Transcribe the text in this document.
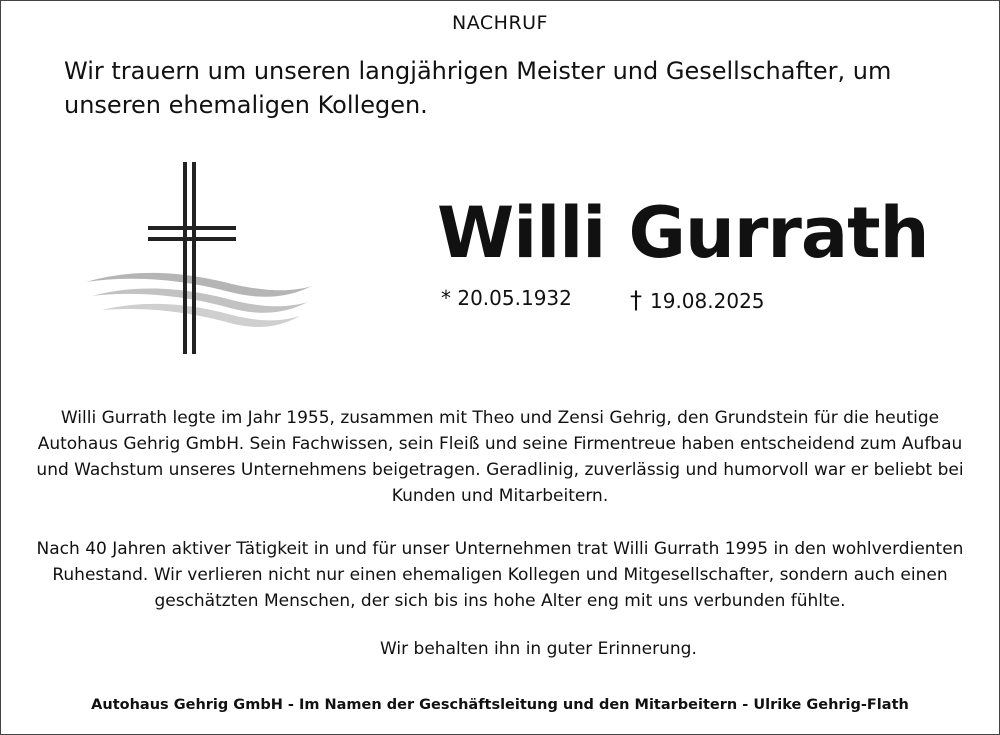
NACHRUF
Wir trauern um unseren langjährigen Meister und Gesellschafter, um unseren ehemaligen Kollegen.
Willi Gurrath
* 20.05.1932 † 19.08.2025
Willi Gurrath legte im Jahr 1955, zusammen mit Theo und Zensi Gehrig, den Grundstein für die heutige Autohaus Gehrig GmbH. Sein Fachwissen, sein Fleiß und seine Firmentreue haben entscheidend zum Aufbau und Wachstum unseres Unternehmens beigetragen. Geradlinig, zuverlässig und humorvoll war er beliebt bei Kunden und Mitarbeitern.
Nach 40 Jahren aktiver Tätigkeit in und für unser Unternehmen trat Willi Gurrath 1995 in den wohlverdienten Ruhestand. Wir verlieren nicht nur einen ehemaligen Kollegen und Mitgesellschafter, sondern auch einen geschätzten Menschen, der sich bis ins hohe Alter eng mit uns verbunden fühlte.
Wir behalten ihn in guter Erinnerung.
Autohaus Gehrig GmbH - Im Namen der Geschäftsleitung und den Mitarbeitern - Ulrike Gehrig-Flath
